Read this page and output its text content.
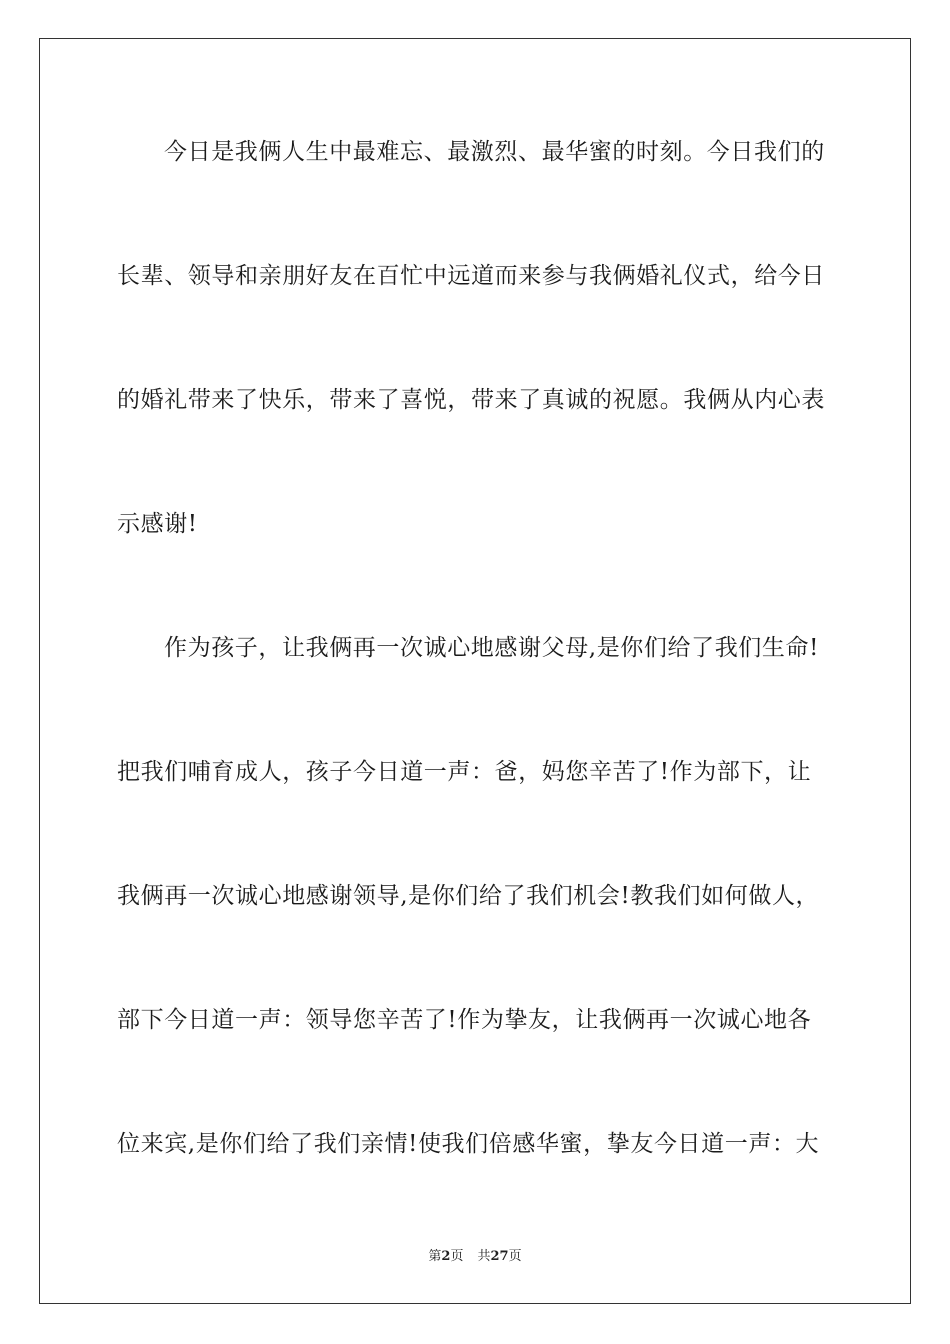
今日是我俩人生中最难忘、最激烈、最华蜜的时刻。今日我们的
长辈、领导和亲朋好友在百忙中远道而来参与我俩婚礼仪式，给今日
的婚礼带来了快乐，带来了喜悦，带来了真诚的祝愿。我俩从内心表
示感谢!
作为孩子，让我俩再一次诚心地感谢父母,是你们给了我们生命!
把我们哺育成人，孩子今日道一声：爸，妈您辛苦了!作为部下，让
我俩再一次诚心地感谢领导,是你们给了我们机会!教我们如何做人，
部下今日道一声：领导您辛苦了!作为挚友，让我俩再一次诚心地各
位来宾,是你们给了我们亲情!使我们倍感华蜜，挚友今日道一声：大
第2页 共27页
